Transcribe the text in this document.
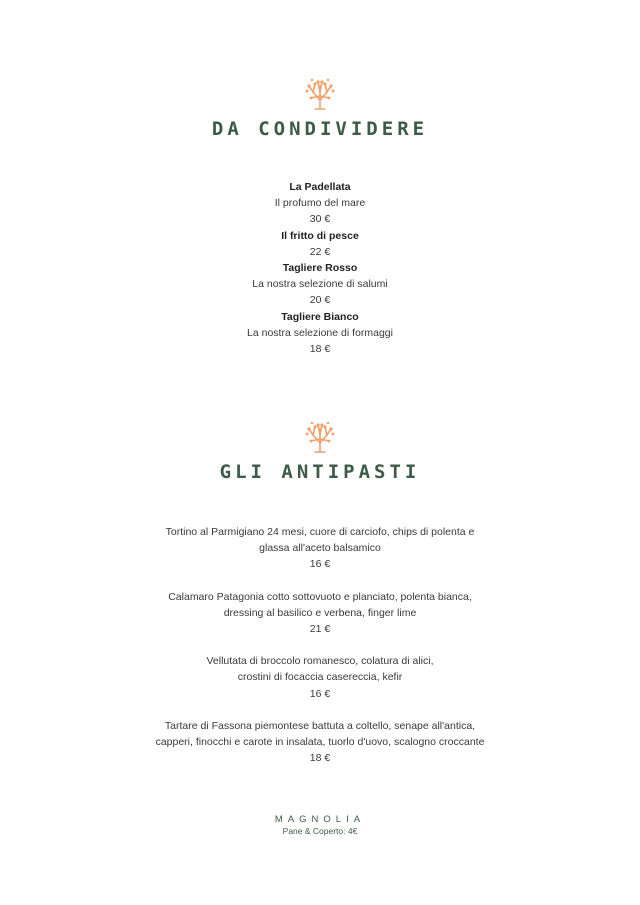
DA CONDIVIDERE
La Padellata
Il profumo del mare
30 €
Il fritto di pesce
22 €
Tagliere Rosso
La nostra selezione di salumi
20 €
Tagliere Bianco
La nostra selezione di formaggi
18 €
GLI ANTIPASTI
Tortino al Parmigiano 24 mesi, cuore di carciofo, chips di polenta e
glassa all'aceto balsamico
16 €
Calamaro Patagonia cotto sottovuoto e planciato, polenta bianca,
dressing al basilico e verbena, finger lime
21 €
Vellutata di broccolo romanesco, colatura di alici,
crostini di focaccia casereccia, kefir
16 €
Tartare di Fassona piemontese battuta a coltello, senape all'antica,
capperi, finocchi e carote in insalata, tuorlo d'uovo, scalogno croccante
18 €
MAGNOLIA
Pane & Coperto: 4€
